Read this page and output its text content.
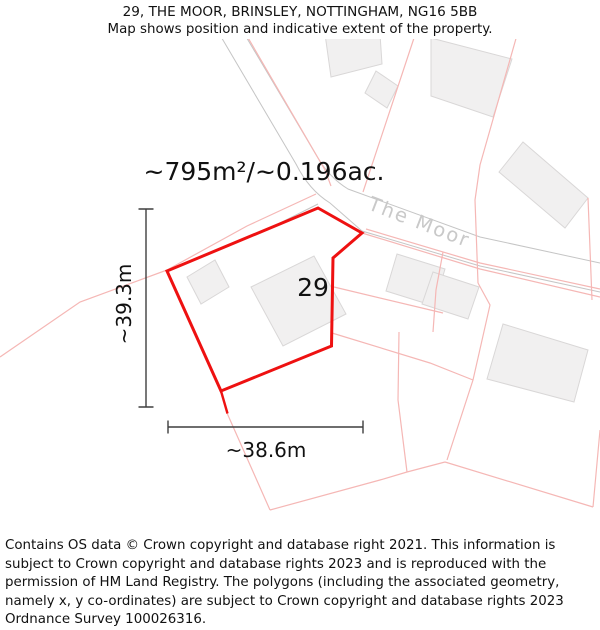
29, THE MOOR, BRINSLEY, NOTTINGHAM, NG16 5BB
Map shows position and indicative extent of the property.
The Moor
~39.3m
~38.6m
~795m²/~0.196ac.
29
Contains OS data © Crown copyright and database right 2021. This information is subject to Crown copyright and database rights 2023 and is reproduced with the permission of HM Land Registry. The polygons (including the associated geometry, namely x, y co-ordinates) are subject to Crown copyright and database rights 2023 Ordnance Survey 100026316.
